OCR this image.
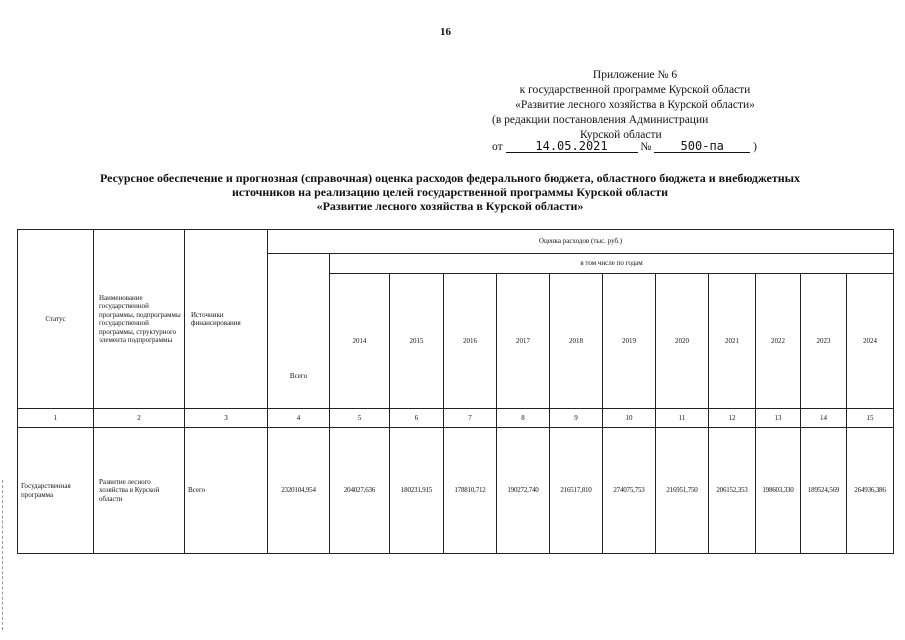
16
Приложение № 6
к государственной программе Курской области
«Развитие лесного хозяйства в Курской области»
(в редакции постановления Администрации
Курской области
от	14.05.2021	№ 500-па	)
Ресурсное обеспечение и прогнозная (справочная) оценка расходов федерального бюджета, областного бюджета и внебюджетных
источников на реализацию целей государственной программы Курской области
«Развитие лесного хозяйства в Курской области»
Статус	Наименование государственной программы, подпрограммы государственной программы, структурного элемента подпрограммы	Источники финансирования	Оценка расходов (тыс. руб.)											
			Всего	в том числе по годам										
				2014	2015	2016	2017	2018	2019	2020	2021	2022	2023	2024
1	2	3	4	5	6	7	8	9	10	11	12	13	14	15
Государственная программа	Развитие лесного хозяйства в Курской области	Всего	2320104,954	204027,636	180231,915	178810,712	190272,740	216517,810	274075,753	216951,750	206152,353	198603,330	189524,569	264936,386
